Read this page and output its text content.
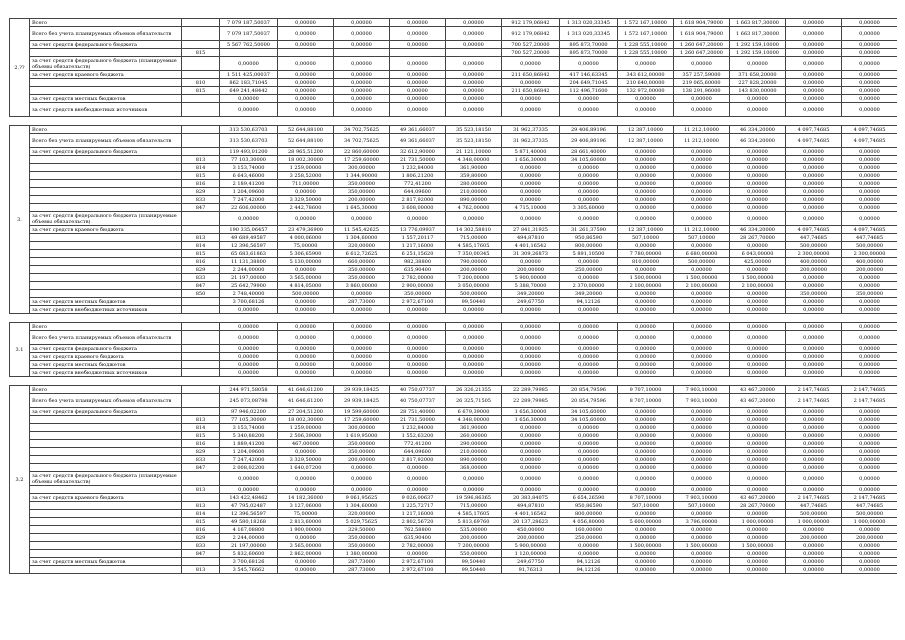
2.??	Всего		7 079 187,50037	0,00000	0,00000	0,00000	0,00000	912 179,06842	1 313 020,33345	1 572 167,10000	1 618 904,79000	1 663 817,30000	0,00000	0,00000
	Всего без учета планируемых объемов обязательств		7 079 187,50037	0,00000	0,00000	0,00000	0,00000	912 179,06842	1 313 020,33345	1 572 167,10000	1 618 904,79000	1 663 817,30000	0,00000	0,00000
	за счет средств федерального бюджета		5 567 762,50000	0,00000	0,00000	0,00000	0,00000	700 527,20000	895 873,70000	1 228 555,10000	1 260 647,20000	1 292 159,10000	0,00000	0,00000
		815						700 527,20000	895 873,70000	1 228 555,10000	1 260 647,20000	1 292 159,10000	0,00000	0,00000
	за счет средств федерального бюджета (планируемые объемы обязательств)		0,00000	0,00000	0,00000	0,00000	0,00000	0,00000	0,00000	0,00000	0,00000	0,00000	0,00000	0,00000
	за счет средств краевого бюджета		1 511 425,00037	0,00000	0,00000	0,00000	0,00000	211 650,86842	417 146,63345	343 612,00000	357 257,59000	371 658,20000	0,00000	0,00000
		810	862 183,71045	0,00000	0,00000	0,00000	0,00000	0,00000	204 649,71045	210 640,00000	219 065,60000	227 828,20000	0,00000	0,00000
		815	649 241,48442	0,00000	0,00000	0,00000	0,00000	211 650,86842	112 496,71600	132 972,00000	138 291,96000	143 830,00000	0,00000	0,00000
	за счет средств местных бюджетов		0,00000	0,00000	0,00000	0,00000	0,00000	0,00000	0,00000	0,00000	0,00000	0,00000	0,00000	0,00000
	за счет средств внебюджетных источников		0,00000	0,00000	0,00000	0,00000	0,00000	0,00000	0,00000	0,00000	0,00000	0,00000	0,00000	0,00000

3.	Всего		313 530,63703	52 644,88100	34 702,75625	49 361,66037	35 523,18150	31 962,37335	29 406,89196	12 387,10000	11 212,10000	46 334,20000	4 097,74685	4 097,74685
	Всего без учета планируемых объемов обязательств		313 530,63703	52 644,88100	34 702,75625	49 361,66037	35 523,18150	31 962,37335	29 406,89196	12 387,10000	11 212,10000	46 334,20000	4 097,74685	4 097,74685
	за счет средств федерального бюджета		119 493,01200	28 965,51200	22 860,60000	32 612,90000	21 121,10000	5 871,40000	28 661,40000	0,00000	0,00000	0,00000	0,00000	0,00000
		813	77 103,30000	18 002,30000	17 259,60000	21 731,50000	4 348,00000	1 656,30000	34 105,60000	0,00000	0,00000	0,00000	0,00000	0,00000
		814	3 153,74000	1 259,00000	300,00000	1 232,84000	361,90000	0,00000	0,00000	0,00000	0,00000	0,00000	0,00000	0,00000
		815	6 643,46000	3 258,52000	1 344,90000	1 806,21200	359,80000	0,00000	0,00000	0,00000	0,00000	0,00000	0,00000	0,00000
		816	2 189,41200	711,00000	350,00000	772,41200	280,00000	0,00000	0,00000	0,00000	0,00000	0,00000	0,00000	0,00000
		829	1 204,09600	0,00000	350,00000	644,09600	210,00000	0,00000	0,00000	0,00000	0,00000	0,00000	0,00000	0,00000
		833	7 247,42000	3 329,50000	200,00000	2 817,92000	890,00000	0,00000	0,00000	0,00000	0,00000	0,00000	0,00000	0,00000
		847	22 606,00000	2 442,78600	1 645,30000	3 608,00000	4 762,00000	4 715,10000	3 305,60000	0,00000	0,00000	0,00000	0,00000	0,00000
	за счет средств федерального бюджета (планируемые объемы обязательств)		0,00000	0,00000	0,00000	0,00000	0,00000	0,00000	0,00000	0,00000	0,00000	0,00000	0,00000	0,00000
	за счет средств краевого бюджета		190 335,06457	23 479,36900	11 545,42625	13 776,09937	14 302,58810	27 841,31925	31 261,37590	12 387,10000	11 212,10000	46 334,20000	4 097,74685	4 097,74685
		813	49 689,49587	4 000,06000	1 304,60000	1 557,20117	715,00000	494,87810	950,86590	507,10000	507,10000	28 267,70000	447,74685	447,74685
		814	12 396,56597	75,00000	320,00000	1 217,16000	4 585,17605	4 401,16542	800,00000	0,00000	0,00000	0,00000	500,00000	500,00000
		815	65 683,61863	5 306,65900	6 612,72625	6 251,15620	7 350,00345	31 309,26873	5 891,10500	7 780,00000	6 680,00000	6 043,00000	2 300,00000	2 300,00000
		816	11 131,38800	5 130,00000	660,00000	982,38800	790,00000	0,00000	0,00000	810,00000	500,00000	425,00000	400,00000	400,00000
		829	2 244,00000	0,00000	350,00000	635,90400	200,00000	200,00000	250,00000	0,00000	0,00000	0,00000	200,00000	200,00000
		833	21 197,00000	3 565,00000	350,00000	2 782,00000	7 200,00000	5 900,00000	0,00000	1 500,00000	1 500,00000	1 500,00000	0,00000	0,00000
		847	25 642,79900	4 814,05000	3 860,00000	2 900,00000	3 050,00000	5 388,70000	2 370,00000	2 100,00000	2 100,00000	2 100,00000	0,00000	0,00000
		850	2 748,40000	500,00000	0,00000	350,00000	500,00000	349,20000	349,20000	0,00000	0,00000	0,00000	350,00000	350,00000
	за счет средств местных бюджетов		3 700,68126	0,00000	287,73000	2 972,67100	99,50440	249,67750	94,12126	0,00000	0,00000	0,00000	0,00000	0,00000
	за счет средств внебюджетных источников		0,00000	0,00000	0,00000	0,00000	0,00000	0,00000	0,00000	0,00000	0,00000	0,00000	0,00000	0,00000

3.1	Всего		0,00000	0,00000	0,00000	0,00000	0,00000	0,00000	0,00000	0,00000	0,00000	0,00000	0,00000	0,00000
	Всего без учета планируемых объемов обязательств		0,00000	0,00000	0,00000	0,00000	0,00000	0,00000	0,00000	0,00000	0,00000	0,00000	0,00000	0,00000
	за счет средств федерального бюджета		0,00000	0,00000	0,00000	0,00000	0,00000	0,00000	0,00000	0,00000	0,00000	0,00000	0,00000	0,00000
	за счет средств краевого бюджета		0,00000	0,00000	0,00000	0,00000	0,00000	0,00000	0,00000	0,00000	0,00000	0,00000	0,00000	0,00000
	за счет средств местных бюджетов		0,00000	0,00000	0,00000	0,00000	0,00000	0,00000	0,00000	0,00000	0,00000	0,00000	0,00000	0,00000
	за счет средств внебюджетных источников		0,00000	0,00000	0,00000	0,00000	0,00000	0,00000	0,00000	0,00000	0,00000	0,00000	0,00000	0,00000

3.2	Всего		244 971,58058	41 646,61200	29 939,18425	40 750,07737	26 326,21355	22 289,79985	20 854,79596	9 707,10000	7 903,10000	43 467,20000	2 147,74685	2 147,74685
	Всего без учета планируемых объемов обязательств		245 073,08798	41 646,61200	29 939,18425	40 750,07737	26 325,71505	22 289,79985	20 854,79596	8 707,10000	7 903,10000	43 467,20000	2 147,74685	2 147,74685
	за счет средств федерального бюджета		97 946,02200	27 204,51200	19 599,60000	28 751,40000	6 679,39000	1 656,30000	34 105,60000	0,00000	0,00000	0,00000	0,00000	0,00000
		813	77 105,30000	18 002,30000	17 259,60000	21 731,50000	4 348,00000	1 656,30000	34 105,60000	0,00000	0,00000	0,00000	0,00000	0,00000
		814	3 153,74000	1 259,00000	300,00000	1 232,84000	361,90000	0,00000	0,00000	0,00000	0,00000	0,00000	0,00000	0,00000
		815	5 340,88200	2 506,39000	1 619,95000	1 552,63200	260,00000	0,00000	0,00000	0,00000	0,00000	0,00000	0,00000	0,00000
		816	1 889,41200	467,00000	350,00000	772,41200	290,00000	0,00000	0,00000	0,00000	0,00000	0,00000	0,00000	0,00000
		829	1 204,09600	0,00000	350,00000	644,09600	210,00000	0,00000	0,00000	0,00000	0,00000	0,00000	0,00000	0,00000
		833	7 247,42000	3 329,50000	200,00000	2 817,92000	890,00000	0,00000	0,00000	0,00000	0,00000	0,00000	0,00000	0,00000
		847	2 008,02200	1 640,07200	0,00000	0,00000	368,00000	0,00000	0,00000	0,00000	0,00000	0,00000	0,00000	0,00000
	за счет средств федерального бюджета (планируемые объемы обязательств)		0,00000	0,00000	0,00000	0,00000	0,00000	0,00000	0,00000	0,00000	0,00000	0,00000	0,00000	0,00000
		813	0,00000	0,00000	0,00000	0,00000	0,00000	0,00000	0,00000	0,00000	0,00000	0,00000	0,00000	0,00000
	за счет средств краевого бюджета		143 422,48462	14 182,36000	9 061,95625	9 026,00637	19 596,86365	20 383,84075	6 654,26590	8 707,10000	7 903,10000	43 467,20000	2 147,74685	2 147,74685
		813	47 795,02487	3 127,06000	1 304,60000	1 225,72717	715,00000	494,87810	950,86590	507,10000	507,10000	28 267,70000	447,74685	447,74685
		814	12 396,56597	75,00000	320,00000	1 217,16000	4 585,17605	4 401,16542	800,00000	0,00000	0,00000	0,00000	500,00000	500,00000
		815	49 580,18268	2 813,60000	5 029,75625	2 802,56720	5 813,69760	20 137,28623	4 056,80000	5 600,00000	3 796,00000	1 000,00000	1 000,00000	1 000,00000
		816	4 167,08800	1 900,00000	329,50000	762,58800	535,00000	450,00000	160,00000	0,00000	0,00000	0,00000	0,00000	0,00000
		829	2 244,00000	0,00000	350,00000	635,90400	200,00000	200,00000	250,00000	0,00000	0,00000	0,00000	200,00000	200,00000
		833	21 197,00000	3 565,00000	350,00000	2 782,00000	7 200,00000	5 900,00000	0,00000	1 500,00000	1 500,00000	1 500,00000	0,00000	0,00000
		847	5 832,60600	2 862,00000	1 380,00000	0,00000	550,00000	1 120,00000	0,00000	0,00000	0,00000	0,00000	0,00000	0,00000
	за счет средств местных бюджетов		3 700,68126	0,00000	287,73000	2 972,67100	99,50440	249,67750	94,12126	0,00000	0,00000	0,00000	0,00000	0,00000
		813	3 545,76662	0,00000	287,73000	2 972,67100	99,50440	91,76313	94,12126	0,00000	0,00000	0,00000	0,00000	0,00000
